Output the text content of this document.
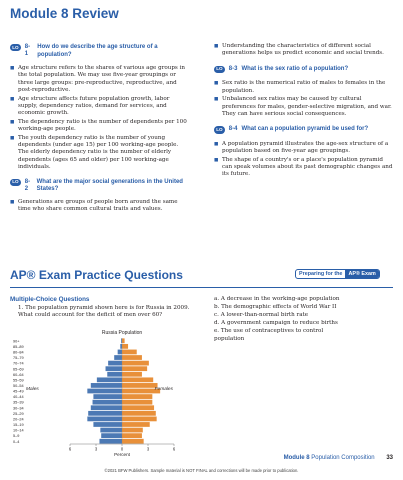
Module 8 Review
LO	8-1
How do we describe the age structure of a population?
■ Age structure refers to the shares of various age groups in the total population. We may use five-year groupings or three large groups: pre-reproductive, reproductive, and post-reproductive.
■ Age structure affects future population growth, labor supply, dependency ratios, demand for services, and economic growth.
■ The dependency ratio is the number of dependents per 100 working-age people.
■ The youth dependency ratio is the number of young dependents (under age 15) per 100 working-age people. The elderly dependency ratio is the number of elderly dependents (ages 65 and older) per 100 working-age individuals.
LO	8-2
What are the major social generations in the United States?
■ Generations are groups of people born around the same time who share common cultural traits and values.
■ Understanding the characteristics of different social generations helps us predict economic and social trends.
LO	8-3 What is the sex ratio of a population?
■ Sex ratio is the numerical ratio of males to females in the population.
■ Unbalanced sex ratios may be caused by cultural preferences for males, gender-selective migration, and war. They can have serious social consequences.
LO	8-4 What can a population pyramid be used for?
■ A population pyramid illustrates the age-sex structure of a population based on five-year age groupings.
■ The shape of a country's or a place's population pyramid can speak volumes about its past demographic changes and its future.
AP® Exam Practice Questions	Preparing for the	AP® Exam
Multiple-Choice Questions
1. The population pyramid shown here is for Russia in 2009. What could account for the deficit of men over 60?
a. A decrease in the working-age population
b. The demographic effects of World War II
c. A lower-than-normal birth rate
d. A government campaign to reduce births
e. The use of contraceptives to control population
Russia Population
0–4
5–9
10–14
15–19
20–24
25–29
30–34
35–39
40–44
45–49
50–54
55–59
60–64
65–69
70–74
75–79
80–84
85–89
90+
6	3	0	3	6
Percent
Males	Females
Module 8 Population Composition 33
©2021 BFW Publishers. Sample material is NOT FINAL and corrections will be made prior to publication.
